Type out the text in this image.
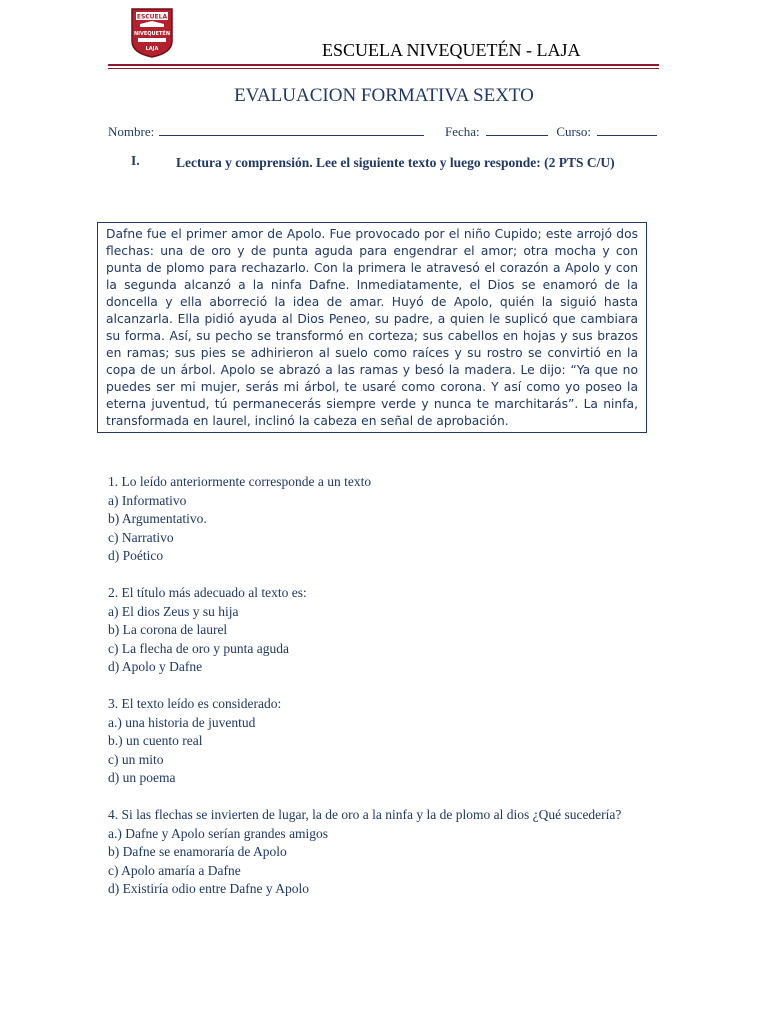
ESCUELA
NIVEQUETÉN
LAJA	ESCUELA NIVEQUETÉN - LAJA
EVALUACION FORMATIVA SEXTO
Nombre:	Fecha:	Curso:
I.	Lectura y comprensión. Lee el siguiente texto y luego responde: (2 PTS C/U)
Dafne fue el primer amor de Apolo. Fue provocado por el niño Cupido; este arrojó dos flechas: una de oro y de punta aguda para engendrar el amor; otra mocha y con punta de plomo para rechazarlo. Con la primera le atravesó el corazón a Apolo y con la segunda alcanzó a la ninfa Dafne. Inmediatamente, el Dios se enamoró de la doncella y ella aborreció la idea de amar. Huyó de Apolo, quién la siguió hasta alcanzarla. Ella pidió ayuda al Dios Peneo, su padre, a quien le suplicó que cambiara su forma. Así, su pecho se transformó en corteza; sus cabellos en hojas y sus brazos en ramas; sus pies se adhirieron al suelo como raíces y su rostro se convirtió en la copa de un árbol. Apolo se abrazó a las ramas y besó la madera. Le dijo: “Ya que no puedes ser mi mujer, serás mi árbol, te usaré como corona. Y así como yo poseo la eterna juventud, tú permanecerás siempre verde y nunca te marchitarás”. La ninfa, transformada en laurel, inclinó la cabeza en señal de aprobación.
1. Lo leído anteriormente corresponde a un texto
a) Informativo
b) Argumentativo.
c) Narrativo
d) Poético
2. El título más adecuado al texto es:
a) El dios Zeus y su hija
b) La corona de laurel
c) La flecha de oro y punta aguda
d) Apolo y Dafne
3. El texto leído es considerado:
a.) una historia de juventud
b.) un cuento real
c) un mito
d) un poema
4. Si las flechas se invierten de lugar, la de oro a la ninfa y la de plomo al dios ¿Qué sucedería?
a.) Dafne y Apolo serían grandes amigos
b) Dafne se enamoraría de Apolo
c) Apolo amaría a Dafne
d) Existiría odio entre Dafne y Apolo
